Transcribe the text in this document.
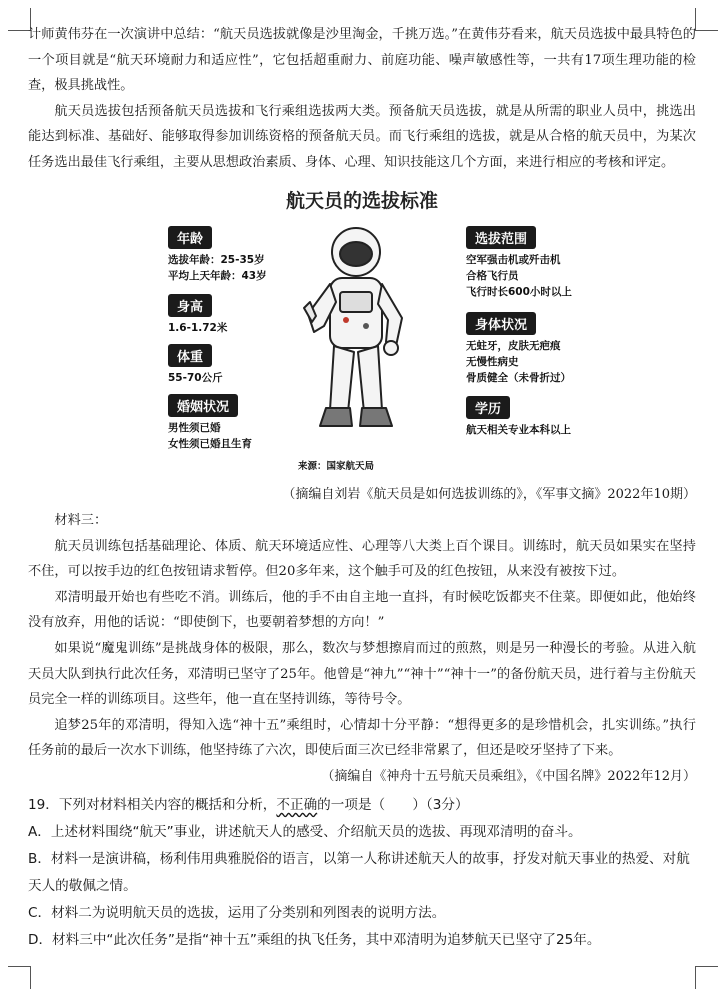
计师黄伟芬在一次演讲中总结：“航天员选拔就像是沙里淘金，千挑万选。”在黄伟芬看来，航天员选拔中最具特色的一个项目就是“航天环境耐力和适应性”，它包括超重耐力、前庭功能、噪声敏感性等，一共有17项生理功能的检查，极具挑战性。

航天员选拔包括预备航天员选拔和飞行乘组选拔两大类。预备航天员选拔，就是从所需的职业人员中，挑选出能达到标准、基础好、能够取得参加训练资格的预备航天员。而飞行乘组的选拔，就是从合格的航天员中，为某次任务选出最佳飞行乘组，主要从思想政治素质、身体、心理、知识技能这几个方面，来进行相应的考核和评定。

航天员的选拔标准
年龄
选拔年龄：25-35岁
平均上天年龄：43岁
身高
1.6-1.72米
体重
55-70公斤
婚姻状况
男性须已婚
女性须已婚且生育
选拔范围
空军强击机或歼击机
合格飞行员
飞行时长600小时以上
身体状况
无蛀牙，皮肤无疤痕
无慢性病史
骨质健全（未骨折过）
学历
航天相关专业本科以上
来源：国家航天局

（摘编自刘岩《航天员是如何选拔训练的》，《军事文摘》2022年10期）

材料三：

航天员训练包括基础理论、体质、航天环境适应性、心理等八大类上百个课目。训练时，航天员如果实在坚持不住，可以按手边的红色按钮请求暂停。但20多年来，这个触手可及的红色按钮，从来没有被按下过。

邓清明最开始也有些吃不消。训练后，他的手不由自主地一直抖，有时候吃饭都夹不住菜。即便如此，他始终没有放弃，用他的话说：“即使倒下，也要朝着梦想的方向！”

如果说“魔鬼训练”是挑战身体的极限，那么，数次与梦想擦肩而过的煎熬，则是另一种漫长的考验。从进入航天员大队到执行此次任务，邓清明已坚守了25年。他曾是“神九”“神十”“神十一”的备份航天员，进行着与主份航天员完全一样的训练项目。这些年，他一直在坚持训练，等待号令。

追梦25年的邓清明，得知入选“神十五”乘组时，心情却十分平静：“想得更多的是珍惜机会，扎实训练。”执行任务前的最后一次水下训练，他坚持练了六次，即使后面三次已经非常累了，但还是咬牙坚持了下来。

（摘编自《神舟十五号航天员乘组》，《中国名牌》2022年12月）

19．下列对材料相关内容的概括和分析，不正确的一项是（　　）（3分）

A．上述材料围绕“航天”事业，讲述航天人的感受、介绍航天员的选拔、再现邓清明的奋斗。

B．材料一是演讲稿，杨利伟用典雅脱俗的语言，以第一人称讲述航天人的故事，抒发对航天事业的热爱、对航天人的敬佩之情。

C．材料二为说明航天员的选拔，运用了分类别和列图表的说明方法。

D．材料三中“此次任务”是指“神十五”乘组的执飞任务，其中邓清明为追梦航天已坚守了25年。
